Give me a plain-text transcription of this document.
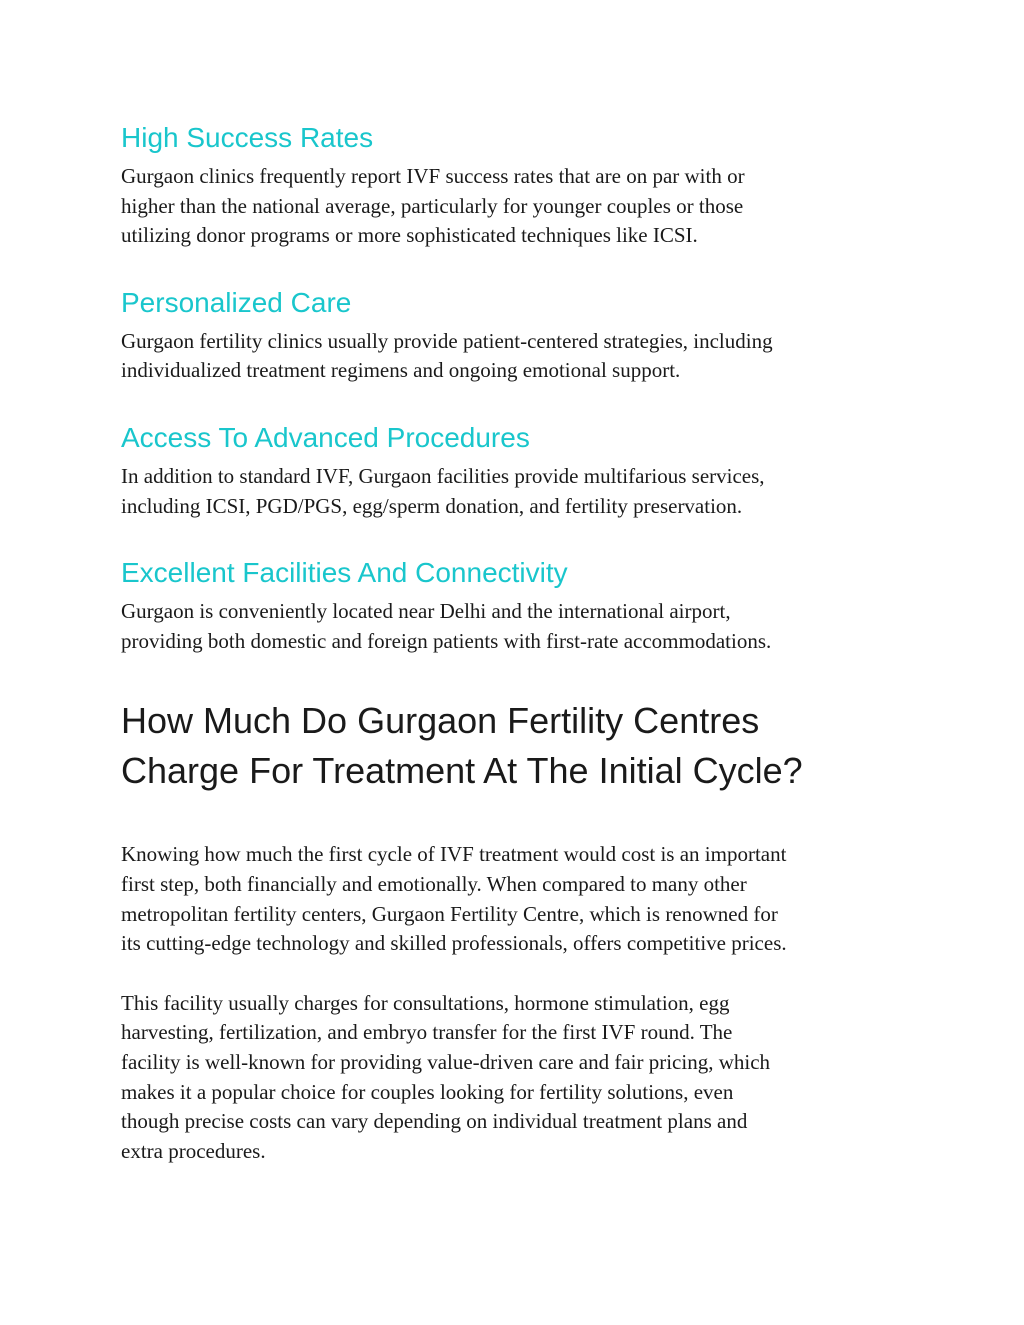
High Success Rates

Gurgaon clinics frequently report IVF success rates that are on par with or
higher than the national average, particularly for younger couples or those
utilizing donor programs or more sophisticated techniques like ICSI.

Personalized Care

Gurgaon fertility clinics usually provide patient-centered strategies, including
individualized treatment regimens and ongoing emotional support.

Access To Advanced Procedures

In addition to standard IVF, Gurgaon facilities provide multifarious services,
including ICSI, PGD/PGS, egg/sperm donation, and fertility preservation.

Excellent Facilities And Connectivity

Gurgaon is conveniently located near Delhi and the international airport,
providing both domestic and foreign patients with first-rate accommodations.

How Much Do Gurgaon Fertility Centres
Charge For Treatment At The Initial Cycle?

Knowing how much the first cycle of IVF treatment would cost is an important
first step, both financially and emotionally. When compared to many other
metropolitan fertility centers, Gurgaon Fertility Centre, which is renowned for
its cutting-edge technology and skilled professionals, offers competitive prices.

This facility usually charges for consultations, hormone stimulation, egg
harvesting, fertilization, and embryo transfer for the first IVF round. The
facility is well-known for providing value-driven care and fair pricing, which
makes it a popular choice for couples looking for fertility solutions, even
though precise costs can vary depending on individual treatment plans and
extra procedures.
